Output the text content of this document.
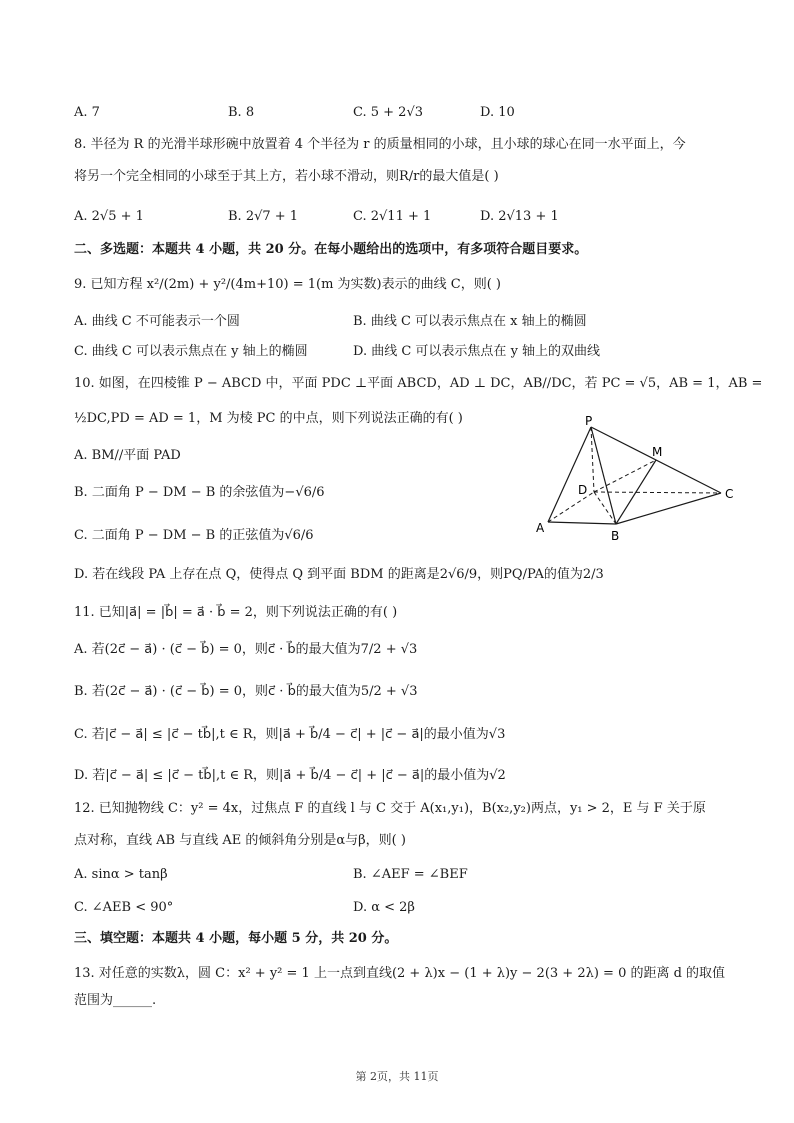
A. 7	B. 8	C. 5 + 2√3	D. 10
8. 半径为 R 的光滑半球形碗中放置着 4 个半径为 r 的质量相同的小球，且小球的球心在同一水平面上，今
将另一个完全相同的小球至于其上方，若小球不滑动，则R/r的最大值是( )
A. 2√5 + 1	B. 2√7 + 1	C. 2√11 + 1	D. 2√13 + 1
二、多选题：本题共 4 小题，共 20 分。在每小题给出的选项中，有多项符合题目要求。
9. 已知方程 x²/(2m) + y²/(4m+10) = 1(m 为实数)表示的曲线 C，则( )
A. 曲线 C 不可能表示一个圆	B. 曲线 C 可以表示焦点在 x 轴上的椭圆
C. 曲线 C 可以表示焦点在 y 轴上的椭圆	D. 曲线 C 可以表示焦点在 y 轴上的双曲线
10. 如图，在四棱锥 P − ABCD 中，平面 PDC ⊥平面 ABCD，AD ⊥ DC，AB//DC，若 PC = √5，AB = 1，AB =
½DC,PD = AD = 1，M 为棱 PC 的中点，则下列说法正确的有( )
A. BM//平面 PAD
B. 二面角 P − DM − B 的余弦值为−√6/6
C. 二面角 P − DM − B 的正弦值为√6/6
D. 若在线段 PA 上存在点 Q，使得点 Q 到平面 BDM 的距离是2√6/9，则PQ/PA的值为2/3
P
M
D	C
A
B
11. 已知|a⃗| = |b⃗| = a⃗ · b⃗ = 2，则下列说法正确的有( )
A. 若(2c⃗ − a⃗) · (c⃗ − b⃗) = 0，则c⃗ · b⃗的最大值为7/2 + √3
B. 若(2c⃗ − a⃗) · (c⃗ − b⃗) = 0，则c⃗ · b⃗的最大值为5/2 + √3
C. 若|c⃗ − a⃗| ≤ |c⃗ − tb⃗|,t ∈ R，则|a⃗ + b⃗/4 − c⃗| + |c⃗ − a⃗|的最小值为√3
D. 若|c⃗ − a⃗| ≤ |c⃗ − tb⃗|,t ∈ R，则|a⃗ + b⃗/4 − c⃗| + |c⃗ − a⃗|的最小值为√2
12. 已知抛物线 C：y² = 4x，过焦点 F 的直线 l 与 C 交于 A(x₁,y₁)，B(x₂,y₂)两点，y₁ > 2，E 与 F 关于原
点对称，直线 AB 与直线 AE 的倾斜角分别是α与β，则( )
A. sinα > tanβ	B. ∠AEF = ∠BEF
C. ∠AEB < 90°	D. α < 2β
三、填空题：本题共 4 小题，每小题 5 分，共 20 分。
13. 对任意的实数λ，圆 C：x² + y² = 1 上一点到直线(2 + λ)x − (1 + λ)y − 2(3 + 2λ) = 0 的距离 d 的取值
范围为______.
第 2页，共 11页
